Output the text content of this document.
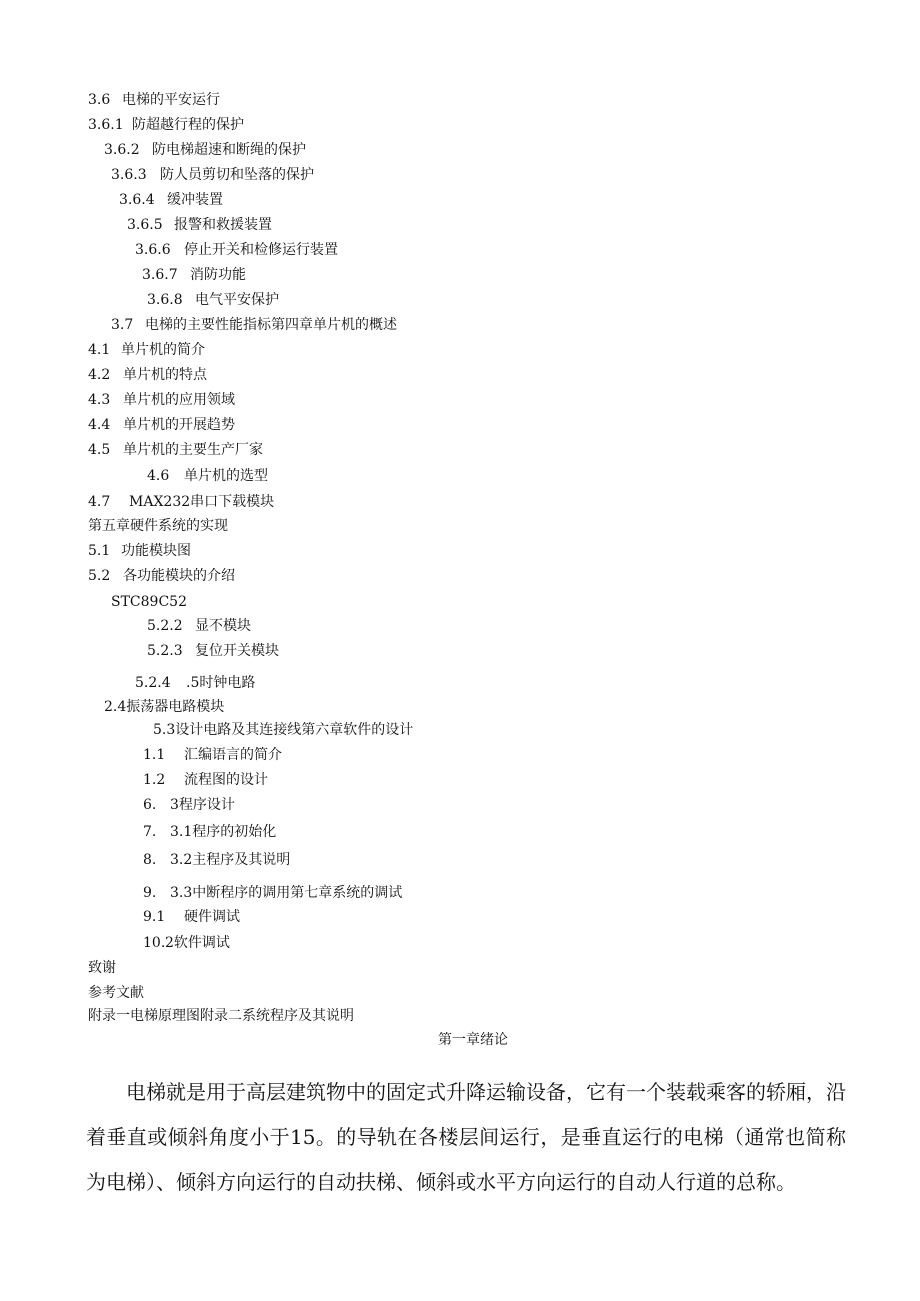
3.6 电梯的平安运行
3.6.1 防超越行程的保护
3.6.2 防电梯超速和断绳的保护
3.6.3 防人员剪切和坠落的保护
3.6.4 缓冲装置
3.6.5 报警和救援装置
3.6.6 停止开关和检修运行装置
3.6.7 消防功能
3.6.8 电气平安保护
3.7 电梯的主要性能指标第四章单片机的概述
4.1 单片机的简介
4.2 单片机的特点
4.3 单片机的应用领域
4.4 单片机的开展趋势
4.5 单片机的主要生产厂家
4.6 单片机的选型
4.7 MAX232串口下载模块
第五章硬件系统的实现
5.1 功能模块图
5.2 各功能模块的介绍
STC89C52
5.2.2 显不模块
5.2.3 复位开关模块
5.2.4 .5时钟电路
2.4振荡器电路模块
5.3设计电路及其连接线第六章软件的设计
1.1 汇编语言的简介
1.2 流程图的设计
6. 3程序设计
7. 3.1程序的初始化
8. 3.2主程序及其说明
9. 3.3中断程序的调用第七章系统的调试
9.1 硬件调试
10.2软件调试
致谢
参考文献
附录一电梯原理图附录二系统程序及其说明
第一章绪论
电梯就是用于高层建筑物中的固定式升降运输设备，它有一个装载乘客的轿厢，沿着垂直或倾斜角度小于15。的导轨在各楼层间运行，是垂直运行的电梯（通常也简称为电梯）、倾斜方向运行的自动扶梯、倾斜或水平方向运行的自动人行道的总称。
